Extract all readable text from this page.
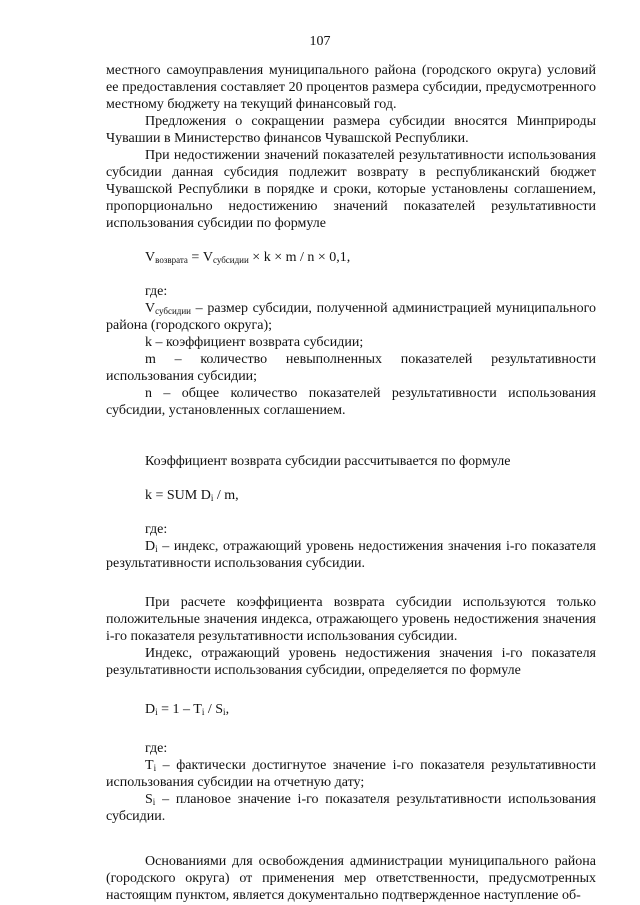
107

местного самоуправления муниципального района (городского округа) условий ее предоставления составляет 20 процентов размера субсидии, предусмотренного местному бюджету на текущий финансовый год.

Предложения о сокращении размера субсидии вносятся Минприроды Чувашии в Министерство финансов Чувашской Республики.

При недостижении значений показателей результативности использования субсидии данная субсидия подлежит возврату в республиканский бюджет Чувашской Республики в порядке и сроки, которые установлены соглашением, пропорционально недостижению значений показателей результативности использования субсидии по формуле

$V_{возврата} = V_{субсидии} \times k \times m / n \times 0,1$,

где:

$V_{субсидии}$ – размер субсидии, полученной администрацией муниципального района (городского округа);

k – коэффициент возврата субсидии;

m – количество невыполненных показателей результативности использования субсидии;

n – общее количество показателей результативности использования субсидии, установленных соглашением.

Коэффициент возврата субсидии рассчитывается по формуле

k = SUM $D_i$ / m,

где:

$D_i$ – индекс, отражающий уровень недостижения значения i-го показателя результативности использования субсидии.

При расчете коэффициента возврата субсидии используются только положительные значения индекса, отражающего уровень недостижения значения i-го показателя результативности использования субсидии.

Индекс, отражающий уровень недостижения значения i-го показателя результативности использования субсидии, определяется по формуле

$D_i = 1 - T_i / S_i$,

где:

$T_i$ – фактически достигнутое значение i-го показателя результативности использования субсидии на отчетную дату;

$S_i$ – плановое значение i-го показателя результативности использования субсидии.

Основаниями для освобождения администрации муниципального района (городского округа) от применения мер ответственности, предусмотренных настоящим пунктом, является документально подтвержденное наступление об-
